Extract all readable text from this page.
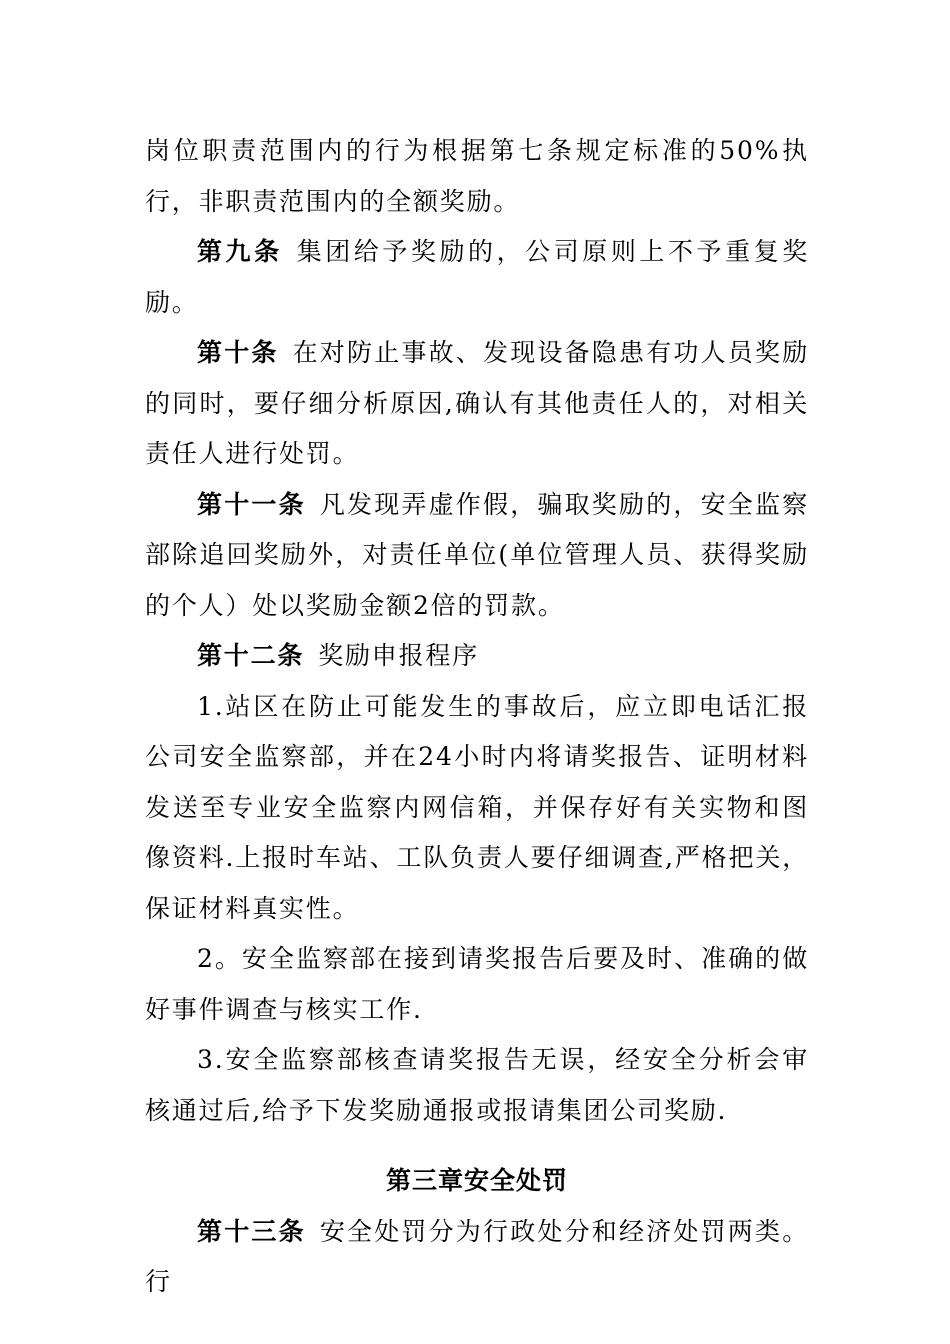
岗位职责范围内的行为根据第七条规定标准的50%执行，非职责范围内的全额奖励。

第九条 集团给予奖励的，公司原则上不予重复奖励。

第十条 在对防止事故、发现设备隐患有功人员奖励的同时，要仔细分析原因,确认有其他责任人的，对相关责任人进行处罚。

第十一条 凡发现弄虚作假，骗取奖励的，安全监察部除追回奖励外，对责任单位(单位管理人员、获得奖励的个人）处以奖励金额2倍的罚款。

第十二条 奖励申报程序

1.站区在防止可能发生的事故后，应立即电话汇报公司安全监察部，并在24小时内将请奖报告、证明材料发送至专业安全监察内网信箱，并保存好有关实物和图像资料.上报时车站、工队负责人要仔细调查,严格把关，保证材料真实性。

2。安全监察部在接到请奖报告后要及时、准确的做好事件调查与核实工作.

3.安全监察部核查请奖报告无误，经安全分析会审核通过后,给予下发奖励通报或报请集团公司奖励.

第三章安全处罚

第十三条 安全处罚分为行政处分和经济处罚两类。行
